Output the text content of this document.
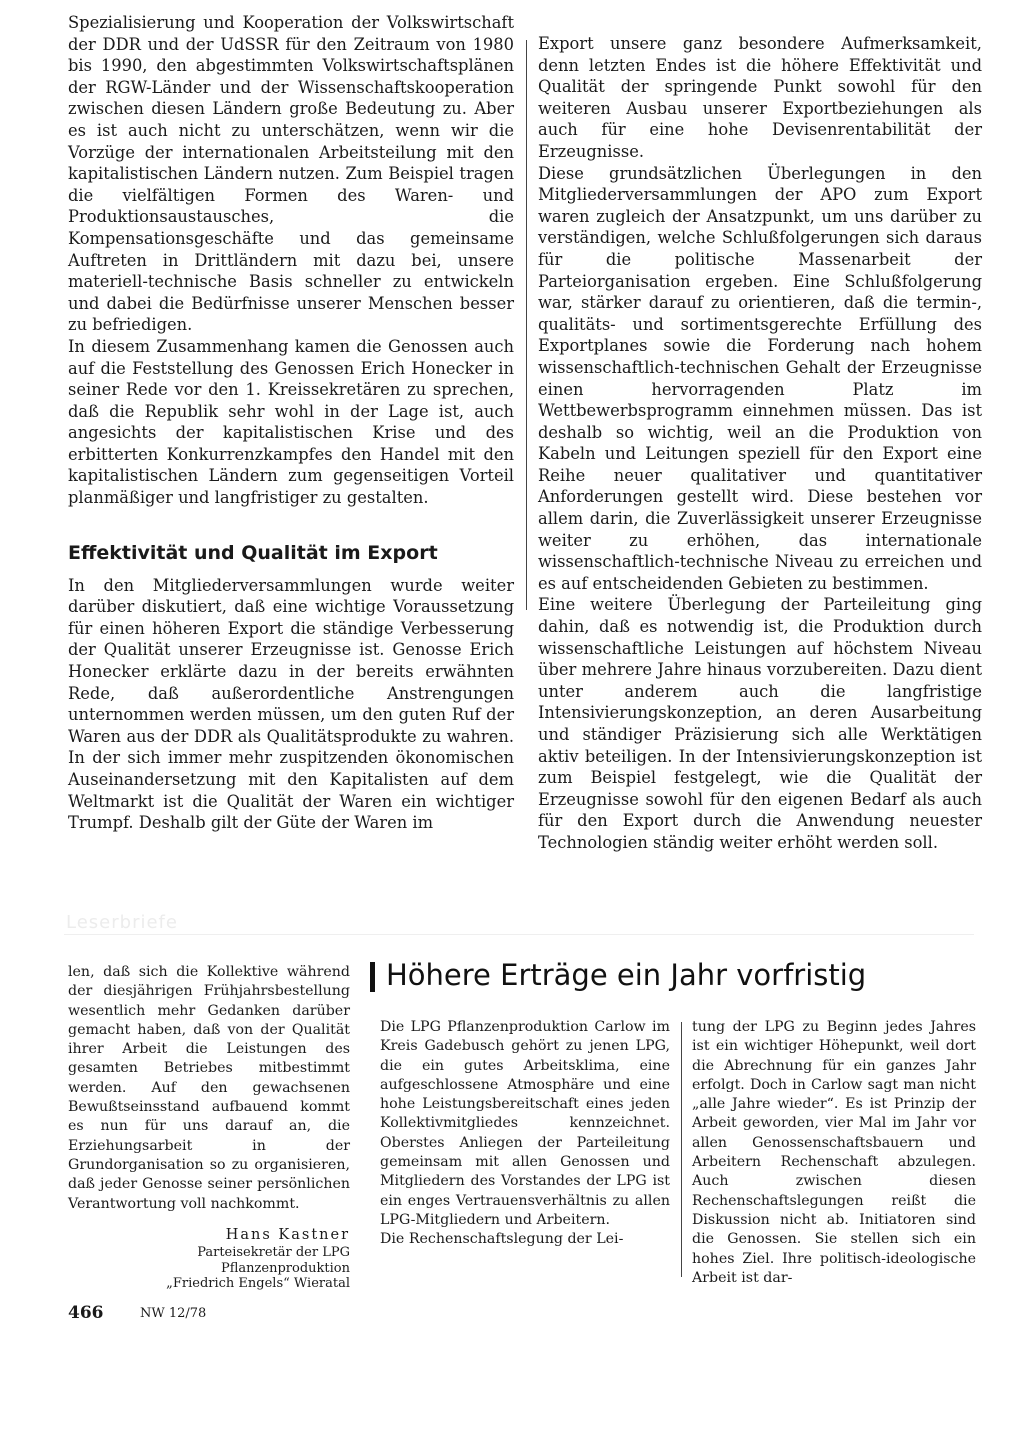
Spezialisierung und Kooperation der Volkswirtschaft der DDR und der UdSSR für den Zeitraum von 1980 bis 1990, den abgestimmten Volkswirtschaftsplänen der RGW-Länder und der Wissenschaftskooperation zwischen diesen Ländern große Bedeutung zu. Aber es ist auch nicht zu unterschätzen, wenn wir die Vorzüge der internationalen Arbeitsteilung mit den kapitalistischen Ländern nutzen. Zum Beispiel tragen die vielfältigen Formen des Waren- und Produktionsaustausches, die Kompensationsgeschäfte und das gemeinsame Auftreten in Drittländern mit dazu bei, unsere materiell-technische Basis schneller zu entwickeln und dabei die Bedürfnisse unserer Menschen besser zu befriedigen.

In diesem Zusammenhang kamen die Genossen auch auf die Feststellung des Genossen Erich Honecker in seiner Rede vor den 1. Kreissekretären zu sprechen, daß die Republik sehr wohl in der Lage ist, auch angesichts der kapitalistischen Krise und des erbitterten Konkurrenzkampfes den Handel mit den kapitalistischen Ländern zum gegenseitigen Vorteil planmäßiger und langfristiger zu gestalten.

Effektivität und Qualität im Export

In den Mitgliederversammlungen wurde weiter darüber diskutiert, daß eine wichtige Voraussetzung für einen höheren Export die ständige Verbesserung der Qualität unserer Erzeugnisse ist. Genosse Erich Honecker erklärte dazu in der bereits erwähnten Rede, daß außerordentliche Anstrengungen unternommen werden müssen, um den guten Ruf der Waren aus der DDR als Qualitätsprodukte zu wahren. In der sich immer mehr zuspitzenden ökonomischen Auseinandersetzung mit den Kapitalisten auf dem Weltmarkt ist die Qualität der Waren ein wichtiger Trumpf. Deshalb gilt der Güte der Waren im

Export unsere ganz besondere Aufmerksamkeit, denn letzten Endes ist die höhere Effektivität und Qualität der springende Punkt sowohl für den weiteren Ausbau unserer Exportbeziehungen als auch für eine hohe Devisenrentabilität der Erzeugnisse.

Diese grundsätzlichen Überlegungen in den Mitgliederversammlungen der APO zum Export waren zugleich der Ansatzpunkt, um uns darüber zu verständigen, welche Schlußfolgerungen sich daraus für die politische Massenarbeit der Parteiorganisation ergeben. Eine Schlußfolgerung war, stärker darauf zu orientieren, daß die termin-, qualitäts- und sortimentsgerechte Erfüllung des Exportplanes sowie die Forderung nach hohem wissenschaftlich-technischen Gehalt der Erzeugnisse einen hervorragenden Platz im Wettbewerbsprogramm einnehmen müssen. Das ist deshalb so wichtig, weil an die Produktion von Kabeln und Leitungen speziell für den Export eine Reihe neuer qualitativer und quantitativer Anforderungen gestellt wird. Diese bestehen vor allem darin, die Zuverlässigkeit unserer Erzeugnisse weiter zu erhöhen, das internationale wissenschaftlich-technische Niveau zu erreichen und es auf entscheidenden Gebieten zu bestimmen.

Eine weitere Überlegung der Parteileitung ging dahin, daß es notwendig ist, die Produktion durch wissenschaftliche Leistungen auf höchstem Niveau über mehrere Jahre hinaus vorzubereiten. Dazu dient unter anderem auch die langfristige Intensivierungskonzeption, an deren Ausarbeitung und ständiger Präzisierung sich alle Werktätigen aktiv beteiligen. In der Intensivierungskonzeption ist zum Beispiel festgelegt, wie die Qualität der Erzeugnisse sowohl für den eigenen Bedarf als auch für den Export durch die Anwendung neuester Technologien ständig weiter erhöht werden soll.

Leserbriefe

len, daß sich die Kollektive während der diesjährigen Frühjahrsbestellung wesentlich mehr Gedanken darüber gemacht haben, daß von der Qualität ihrer Arbeit die Leistungen des gesamten Betriebes mitbestimmt werden. Auf den gewachsenen Bewußtseinsstand aufbauend kommt es nun für uns darauf an, die Erziehungsarbeit in der Grundorganisation so zu organisieren, daß jeder Genosse seiner persönlichen Verantwortung voll nachkommt.

Hans Kastner
Parteisekretär der LPG
Pflanzenproduktion
„Friedrich Engels“ Wieratal
Höhere Erträge ein Jahr vorfristig

Die LPG Pflanzenproduktion Carlow im Kreis Gadebusch gehört zu jenen LPG, die ein gutes Arbeitsklima, eine aufgeschlossene Atmosphäre und eine hohe Leistungsbereitschaft eines jeden Kollektivmitgliedes kennzeichnet. Oberstes Anliegen der Parteileitung gemeinsam mit allen Genossen und Mitgliedern des Vorstandes der LPG ist ein enges Vertrauensverhältnis zu allen LPG-Mitgliedern und Arbeitern.

Die Rechenschaftslegung der Lei-

tung der LPG zu Beginn jedes Jahres ist ein wichtiger Höhepunkt, weil dort die Abrechnung für ein ganzes Jahr erfolgt. Doch in Carlow sagt man nicht „alle Jahre wieder“. Es ist Prinzip der Arbeit geworden, vier Mal im Jahr vor allen Genossenschaftsbauern und Arbeitern Rechenschaft abzulegen. Auch zwischen diesen Rechenschaftslegungen reißt die Diskussion nicht ab. Initiatoren sind die Genossen. Sie stellen sich ein hohes Ziel. Ihre politisch-ideologische Arbeit ist dar-

466	NW 12/78
